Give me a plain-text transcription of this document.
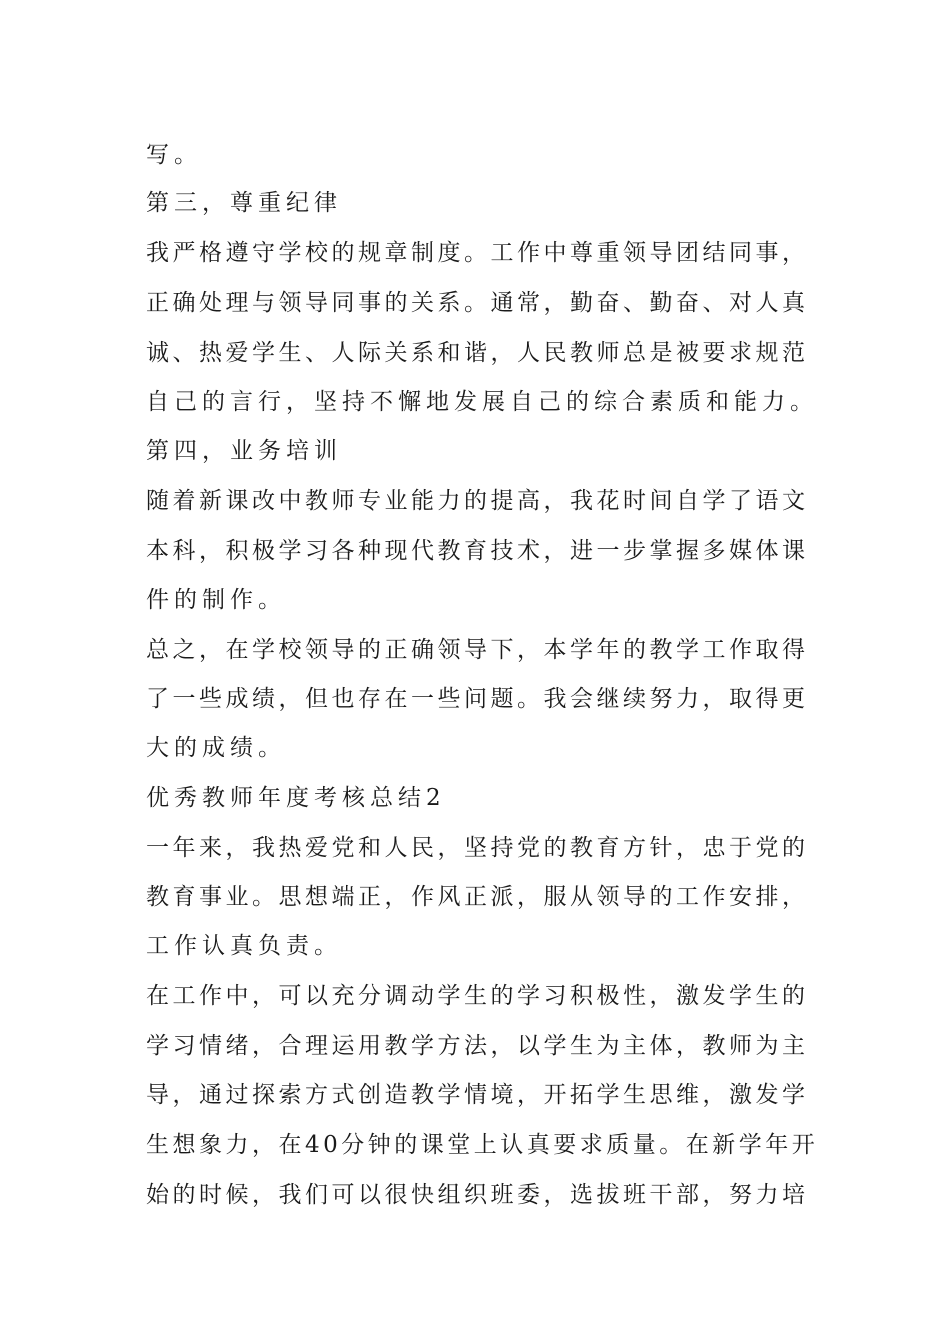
写。
第三，尊重纪律
我严格遵守学校的规章制度。工作中尊重领导团结同事，
正确处理与领导同事的关系。通常，勤奋、勤奋、对人真
诚、热爱学生、人际关系和谐，人民教师总是被要求规范
自己的言行，坚持不懈地发展自己的综合素质和能力。
第四，业务培训
随着新课改中教师专业能力的提高，我花时间自学了语文
本科，积极学习各种现代教育技术，进一步掌握多媒体课
件的制作。
总之，在学校领导的正确领导下，本学年的教学工作取得
了一些成绩，但也存在一些问题。我会继续努力，取得更
大的成绩。
优秀教师年度考核总结2
一年来，我热爱党和人民，坚持党的教育方针，忠于党的
教育事业。思想端正，作风正派，服从领导的工作安排，
工作认真负责。
在工作中，可以充分调动学生的学习积极性，激发学生的
学习情绪，合理运用教学方法，以学生为主体，教师为主
导，通过探索方式创造教学情境，开拓学生思维，激发学
生想象力，在40分钟的课堂上认真要求质量。在新学年开
始的时候，我们可以很快组织班委，选拔班干部，努力培
